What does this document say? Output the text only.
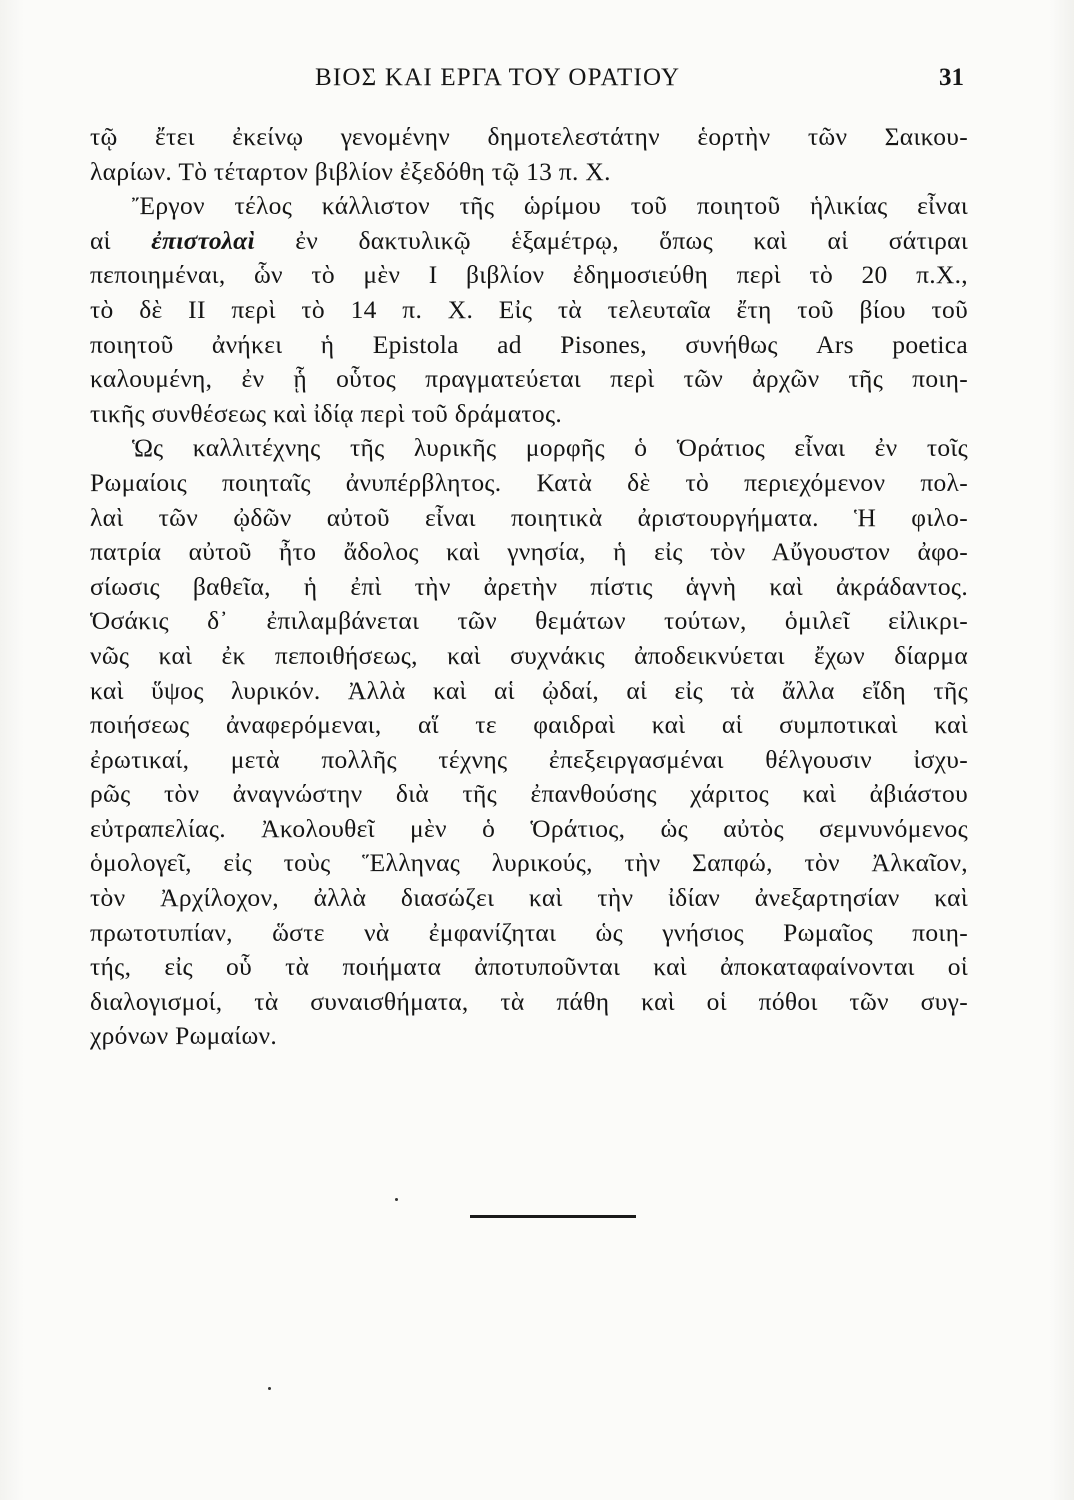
ΒΙΟΣ ΚΑΙ ΕΡΓΑ ΤΟΥ ΟΡΑΤΙΟΥ	31
τῷ ἔτει ἐκείνῳ γενομένην δημοτελεστάτην ἑορτὴν τῶν Σαικου-
λαρίων. Τὸ τέταρτον βιβλίον ἐξεδόθη τῷ 13 π. Χ.
Ἔργον τέλος κάλλιστον τῆς ὡρίμου τοῦ ποιητοῦ ἡλικίας εἶναι
αἱ ἐπιστολαὶ ἐν δακτυλικῷ ἑξαμέτρῳ, ὅπως καὶ αἱ σάτιραι
πεποιημέναι, ὧν τὸ μὲν I βιβλίον ἐδημοσιεύθη περὶ τὸ 20 π.Χ.,
τὸ δὲ II περὶ τὸ 14 π. Χ. Εἰς τὰ τελευταῖα ἔτη τοῦ βίου τοῦ
ποιητοῦ ἀνήκει ἡ Epistola ad Pisones, συνήθως Ars poetica
καλουμένη, ἐν ᾗ οὗτος πραγματεύεται περὶ τῶν ἀρχῶν τῆς ποιη-
τικῆς συνθέσεως καὶ ἰδίᾳ περὶ τοῦ δράματος.
Ὡς καλλιτέχνης τῆς λυρικῆς μορφῆς ὁ Ὁράτιος εἶναι ἐν τοῖς
Ρωμαίοις ποιηταῖς ἀνυπέρβλητος. Κατὰ δὲ τὸ περιεχόμενον πολ-
λαὶ τῶν ᾠδῶν αὐτοῦ εἶναι ποιητικὰ ἀριστουργήματα. Ἡ φιλο-
πατρία αὐτοῦ ἦτο ἄδολος καὶ γνησία, ἡ εἰς τὸν Αὔγουστον ἀφο-
σίωσις βαθεῖα, ἡ ἐπὶ τὴν ἀρετὴν πίστις ἁγνὴ καὶ ἀκράδαντος.
Ὁσάκις δ᾽ ἐπιλαμβάνεται τῶν θεμάτων τούτων, ὁμιλεῖ εἰλικρι-
νῶς καὶ ἐκ πεποιθήσεως, καὶ συχνάκις ἀποδεικνύεται ἔχων δίαρμα
καὶ ὕψος λυρικόν. Ἀλλὰ καὶ αἱ ᾠδαί, αἱ εἰς τὰ ἄλλα εἴδη τῆς
ποιήσεως ἀναφερόμεναι, αἵ τε φαιδραὶ καὶ αἱ συμποτικαὶ καὶ
ἐρωτικαί, μετὰ πολλῆς τέχνης ἐπεξειργασμέναι θέλγουσιν ἰσχυ-
ρῶς τὸν ἀναγνώστην διὰ τῆς ἐπανθούσης χάριτος καὶ ἀβιάστου
εὐτραπελίας. Ἀκολουθεῖ μὲν ὁ Ὁράτιος, ὡς αὐτὸς σεμνυνόμενος
ὁμολογεῖ, εἰς τοὺς Ἕλληνας λυρικούς, τὴν Σαπφώ, τὸν Ἀλκαῖον,
τὸν Ἀρχίλοχον, ἀλλὰ διασώζει καὶ τὴν ἰδίαν ἀνεξαρτησίαν καὶ
πρωτοτυπίαν, ὥστε νὰ ἐμφανίζηται ὡς γνήσιος Ρωμαῖος ποιη-
τής, εἰς οὗ τὰ ποιήματα ἀποτυποῦνται καὶ ἀποκαταφαίνονται οἱ
διαλογισμοί, τὰ συναισθήματα, τὰ πάθη καὶ οἱ πόθοι τῶν συγ-
χρόνων Ρωμαίων.
